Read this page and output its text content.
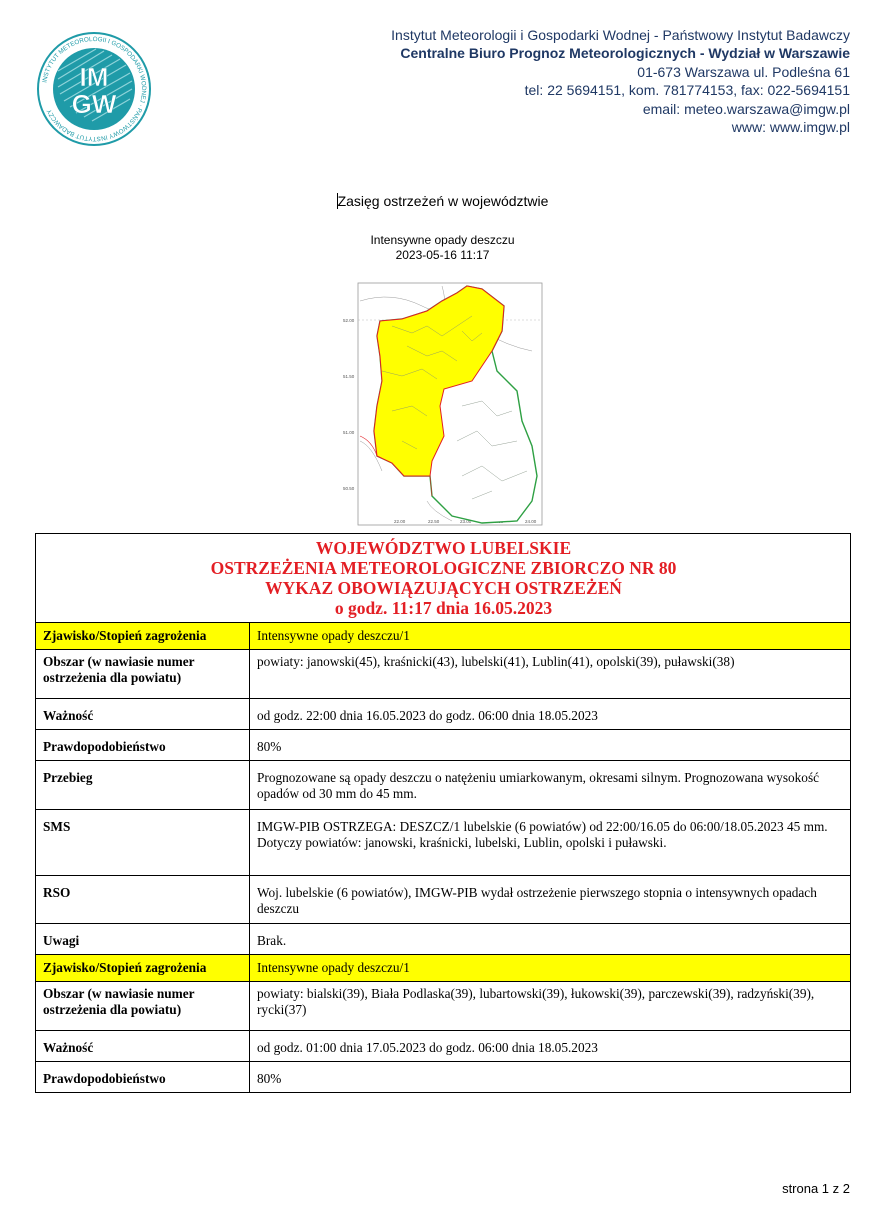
INSTYTUT METEOROLOGII I GOSPODARKI WODNEJ · PAŃSTWOWY INSTYTUT BADAWCZY
IM
GW
Instytut Meteorologii i Gospodarki Wodnej - Państwowy Instytut Badawczy
Centralne Biuro Prognoz Meteorologicznych - Wydział w Warszawie
01-673 Warszawa ul. Podleśna 61
tel: 22 5694151, kom. 781774153, fax: 022-5694151
email: meteo.warszawa@imgw.pl
www: www.imgw.pl
Zasięg ostrzeżeń w województwie
Intensywne opady deszczu
2023-05-16 11:17
52.00
51.50
51.00
50.50
22.00	22.50	23.00	24.00
WOJEWÓDZTWO LUBELSKIE
OSTRZEŻENIA METEOROLOGICZNE ZBIORCZO NR 80
WYKAZ OBOWIĄZUJĄCYCH OSTRZEŻEŃ
o godz. 11:17 dnia 16.05.2023	

Zjawisko/Stopień zagrożenia	Intensywne opady deszczu/1
Obszar (w nawiasie numer ostrzeżenia dla powiatu)	powiaty: janowski(45), kraśnicki(43), lubelski(41), Lublin(41), opolski(39), puławski(38)
Ważność	od godz. 22:00 dnia 16.05.2023 do godz. 06:00 dnia 18.05.2023
Prawdopodobieństwo	80%
Przebieg	Prognozowane są opady deszczu o natężeniu umiarkowanym, okresami silnym. Prognozowana wysokość opadów od 30 mm do 45 mm.
SMS	IMGW-PIB OSTRZEGA: DESZCZ/1 lubelskie (6 powiatów) od 22:00/16.05 do 06:00/18.05.2023 45 mm. Dotyczy powiatów: janowski, kraśnicki, lubelski, Lublin, opolski i puławski.
RSO	Woj. lubelskie (6 powiatów), IMGW-PIB wydał ostrzeżenie pierwszego stopnia o intensywnych opadach deszczu
Uwagi	Brak.
Zjawisko/Stopień zagrożenia	Intensywne opady deszczu/1
Obszar (w nawiasie numer ostrzeżenia dla powiatu)	powiaty: bialski(39), Biała Podlaska(39), lubartowski(39), łukowski(39), parczewski(39), radzyński(39), rycki(37)
Ważność	od godz. 01:00 dnia 17.05.2023 do godz. 06:00 dnia 18.05.2023
Prawdopodobieństwo	80%
strona 1 z 2
